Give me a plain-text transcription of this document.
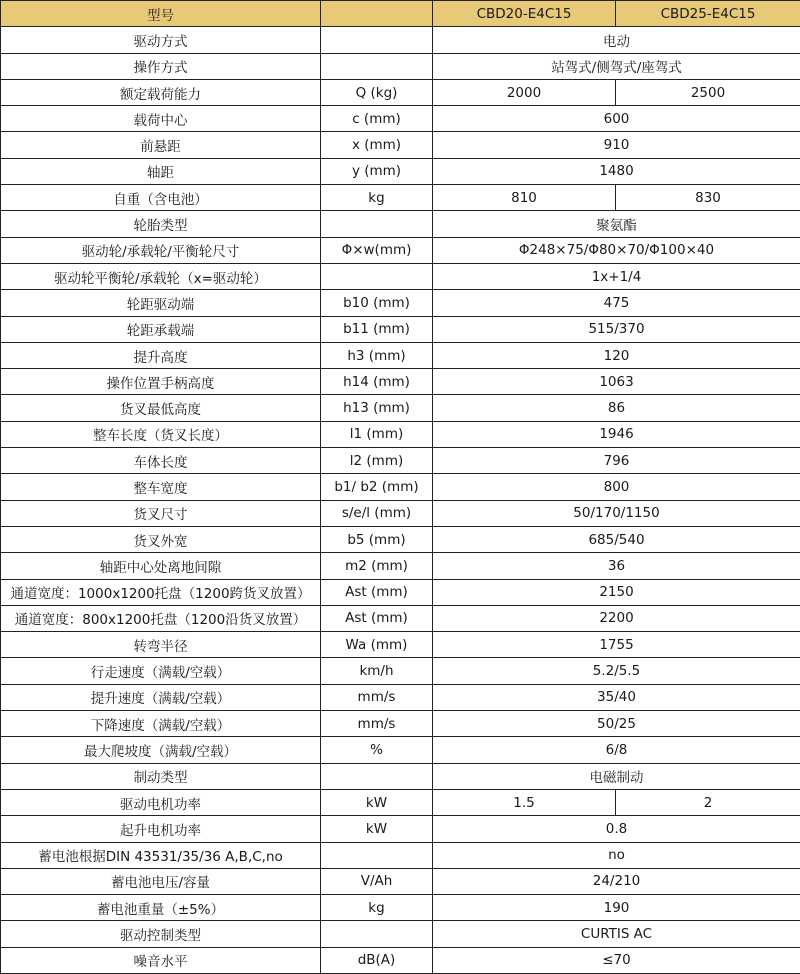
型号		CBD20-E4C15	CBD25-E4C15
驱动方式		电动	
操作方式		站驾式/侧驾式/座驾式	
额定载荷能力	Q (kg)	2000	2500
载荷中心	c (mm)	600	
前悬距	x (mm)	910	
轴距	y (mm)	1480	
自重（含电池）	kg	810	830
轮胎类型		聚氨酯	
驱动轮/承载轮/平衡轮尺寸	Φ×w(mm)	Φ248×75/Φ80×70/Φ100×40	
驱动轮平衡轮/承载轮（x=驱动轮）		1x+1/4	
轮距驱动端	b10 (mm)	475	
轮距承载端	b11 (mm)	515/370	
提升高度	h3 (mm)	120	
操作位置手柄高度	h14 (mm)	1063	
货叉最低高度	h13 (mm)	86	
整车长度（货叉长度）	l1 (mm)	1946	
车体长度	l2 (mm)	796	
整车宽度	b1/ b2 (mm)	800	
货叉尺寸	s/e/l (mm)	50/170/1150	
货叉外宽	b5 (mm)	685/540	
轴距中心处离地间隙	m2 (mm)	36	
通道宽度：1000x1200托盘（1200跨货叉放置）	Ast (mm)	2150	
通道宽度：800x1200托盘（1200沿货叉放置）	Ast (mm)	2200	
转弯半径	Wa (mm)	1755	
行走速度（满载/空载）	km/h	5.2/5.5	
提升速度（满载/空载）	mm/s	35/40	
下降速度（满载/空载）	mm/s	50/25	
最大爬坡度（满载/空载）	%	6/8	
制动类型		电磁制动	
驱动电机功率	kW	1.5	2
起升电机功率	kW	0.8	
蓄电池根据DIN 43531/35/36 A,B,C,no		no	
蓄电池电压/容量	V/Ah	24/210	
蓄电池重量（±5%）	kg	190	
驱动控制类型		CURTIS AC	
噪音水平	dB(A)	≤70	
